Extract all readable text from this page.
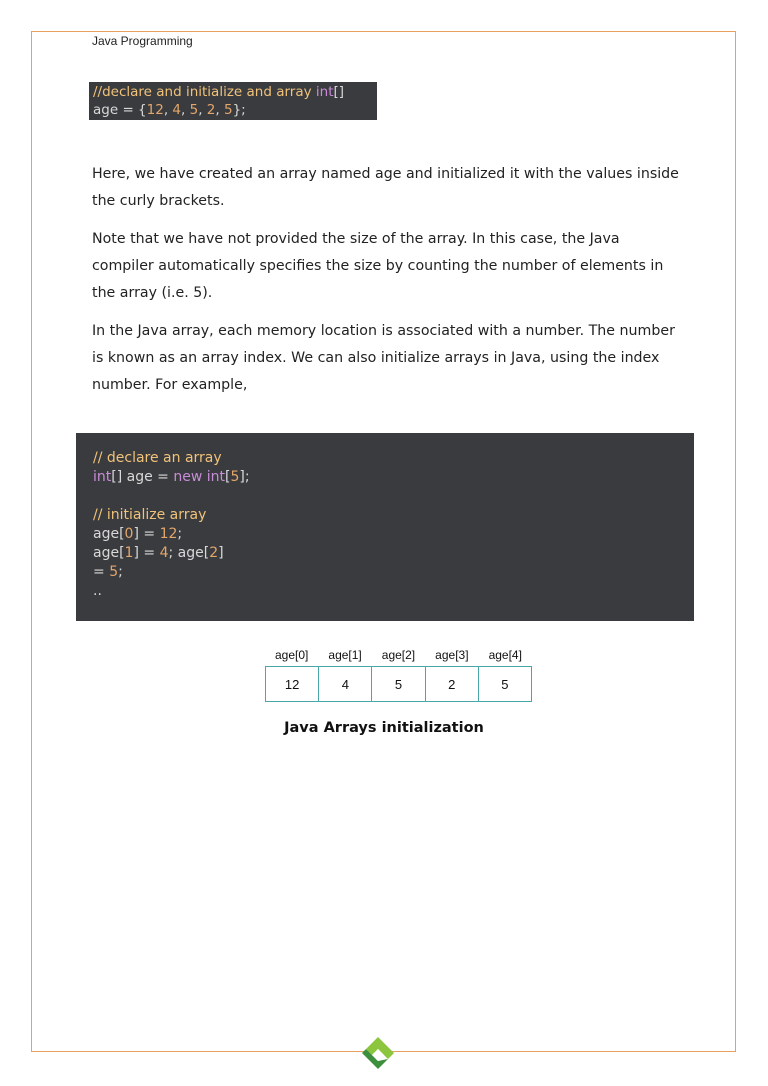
Java Programming
//declare and initialize and array int[]
age = {12, 4, 5, 2, 5};

Here, we have created an array named age and initialized it with the values inside the curly brackets.

Note that we have not provided the size of the array. In this case, the Java compiler automatically specifies the size by counting the number of elements in the array (i.e. 5).

In the Java array, each memory location is associated with a number. The number is known as an array index. We can also initialize arrays in Java, using the index number. For example,

// declare an array
int[] age = new int[5];

// initialize array
age[0] = 12;
age[1] = 4; age[2]
= 5;
..
age[0]	age[1]	age[2]	age[3]	age[4]
12	4	5	2	5
Java Arrays initialization
